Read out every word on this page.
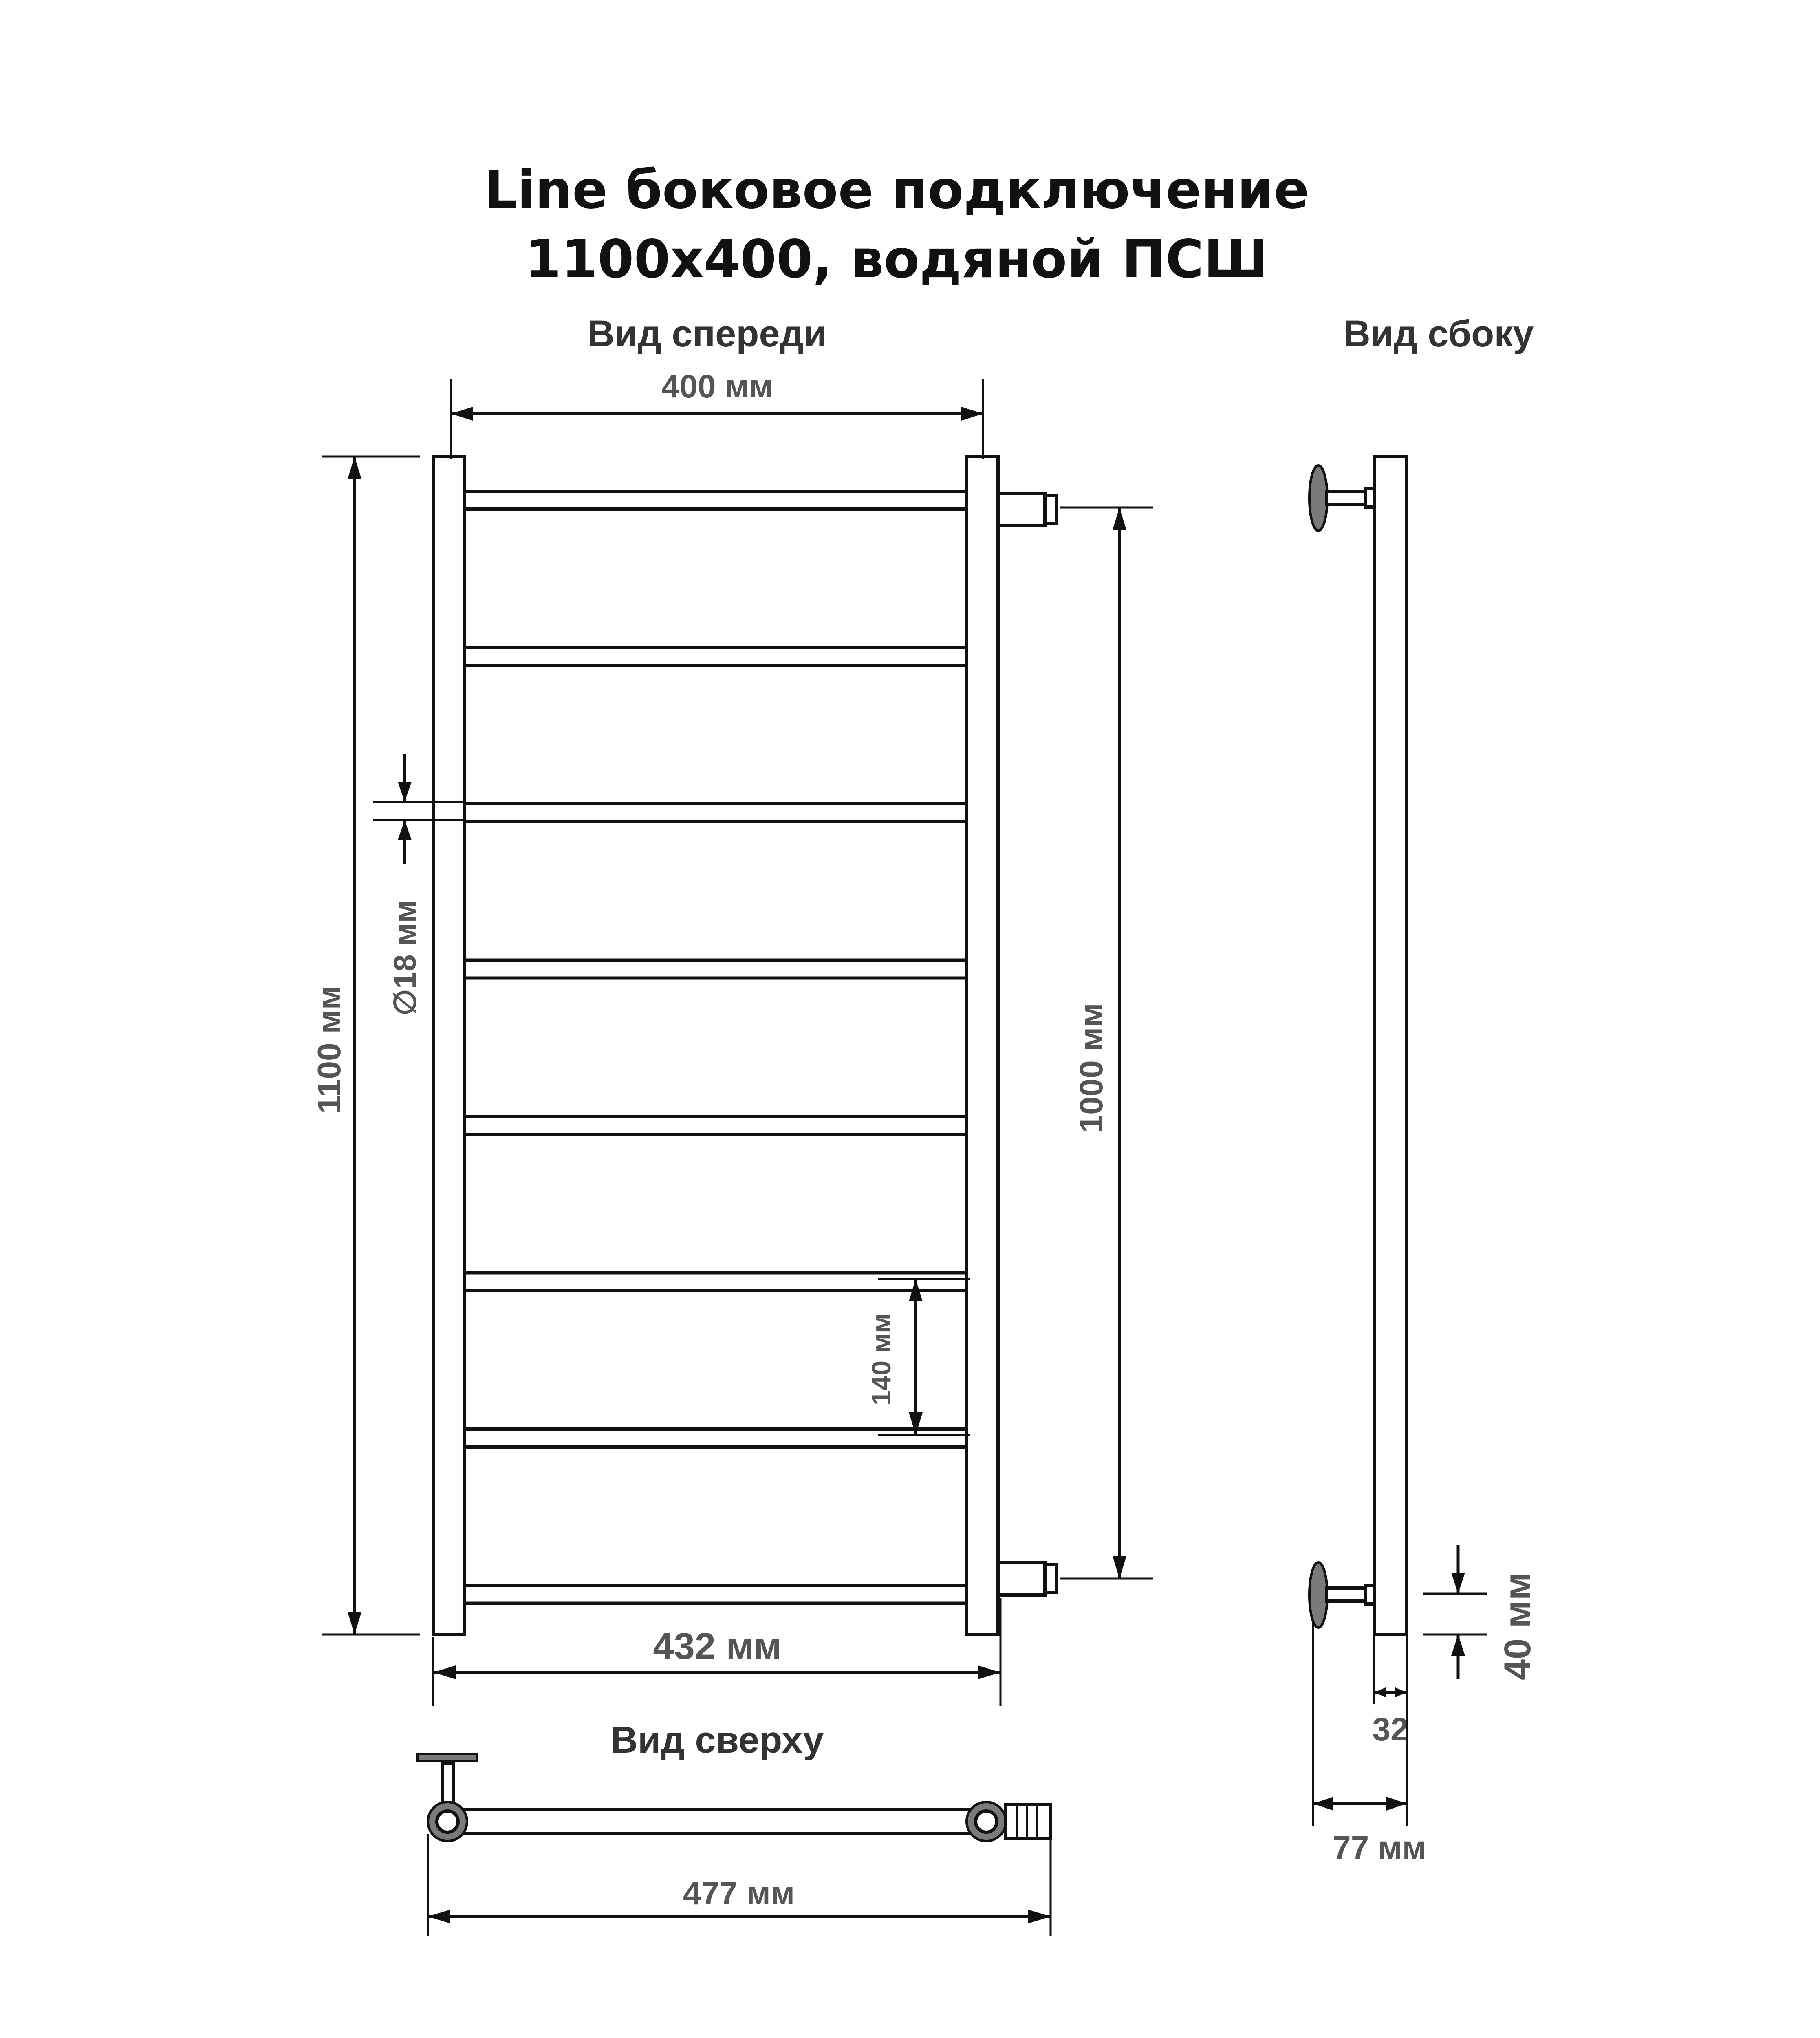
Line боковое подключение
1100x400, водяной ПСШ
Вид спереди	Вид сбоку
Вид сверху
400 мм
1100 мм
∅18 мм
1000 мм
140 мм
432 мм
477 мм
40 мм
32
77 мм
